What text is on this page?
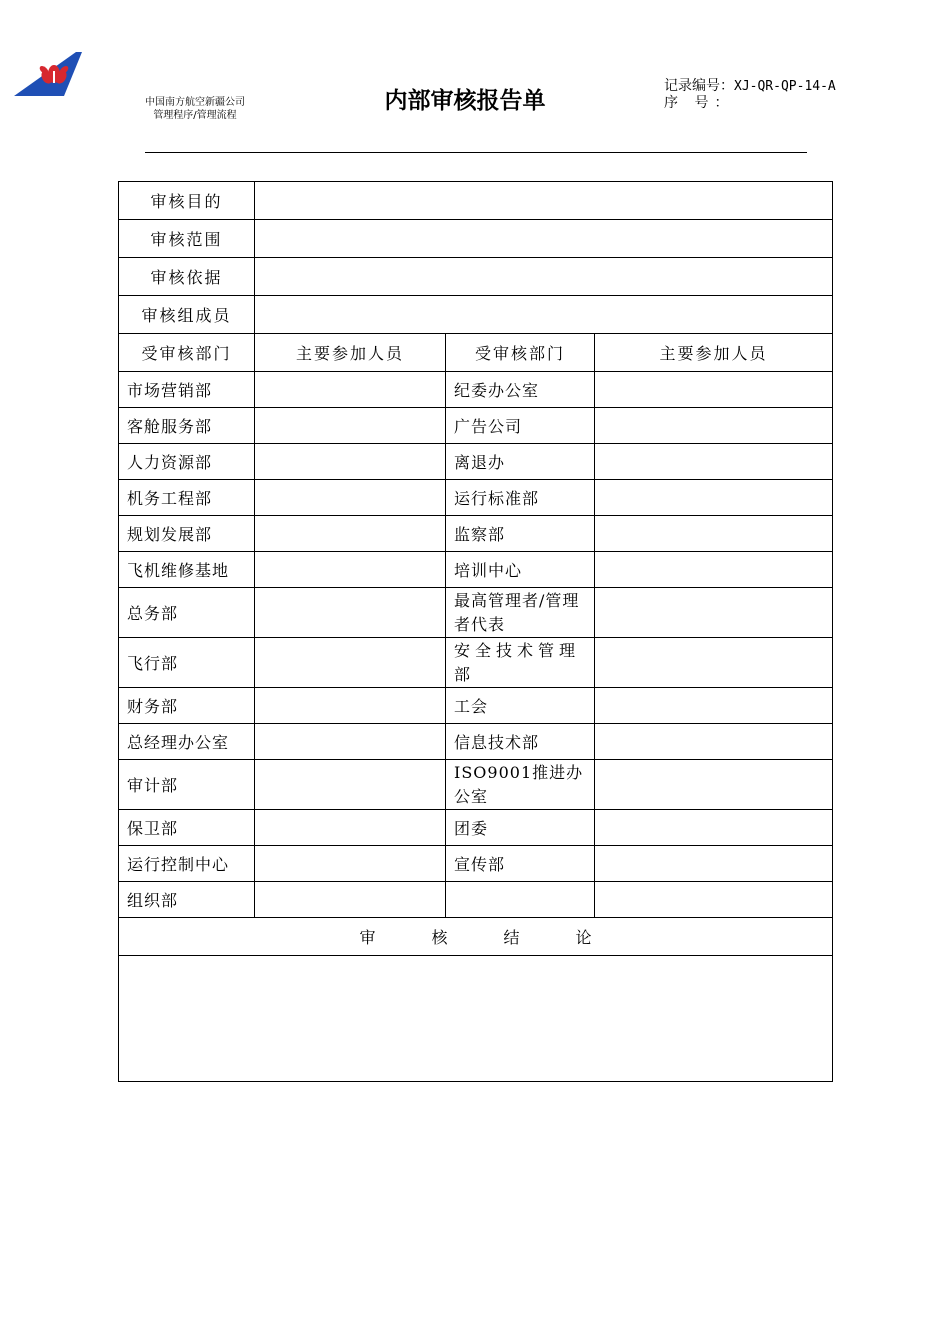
中国南方航空新疆公司
管理程序/管理流程
内部审核报告单
记录编号：XJ-QR-QP-14-A
序 号：
审核目的			
审核范围			
审核依据			
审核组成员			
受审核部门	主要参加人员	受审核部门	主要参加人员
市场营销部		纪委办公室	
客舱服务部		广告公司	
人力资源部		离退办	
机务工程部		运行标准部	
规划发展部		监察部	
飞机维修基地		培训中心	
总务部		最高管理者/管理者代表	
飞行部		安全技术管理部	
财务部		工会	
总经理办公室		信息技术部	
审计部		ISO9001推进办公室	
保卫部		团委	
运行控制中心		宣传部	
组织部			
审 核 结 论			
